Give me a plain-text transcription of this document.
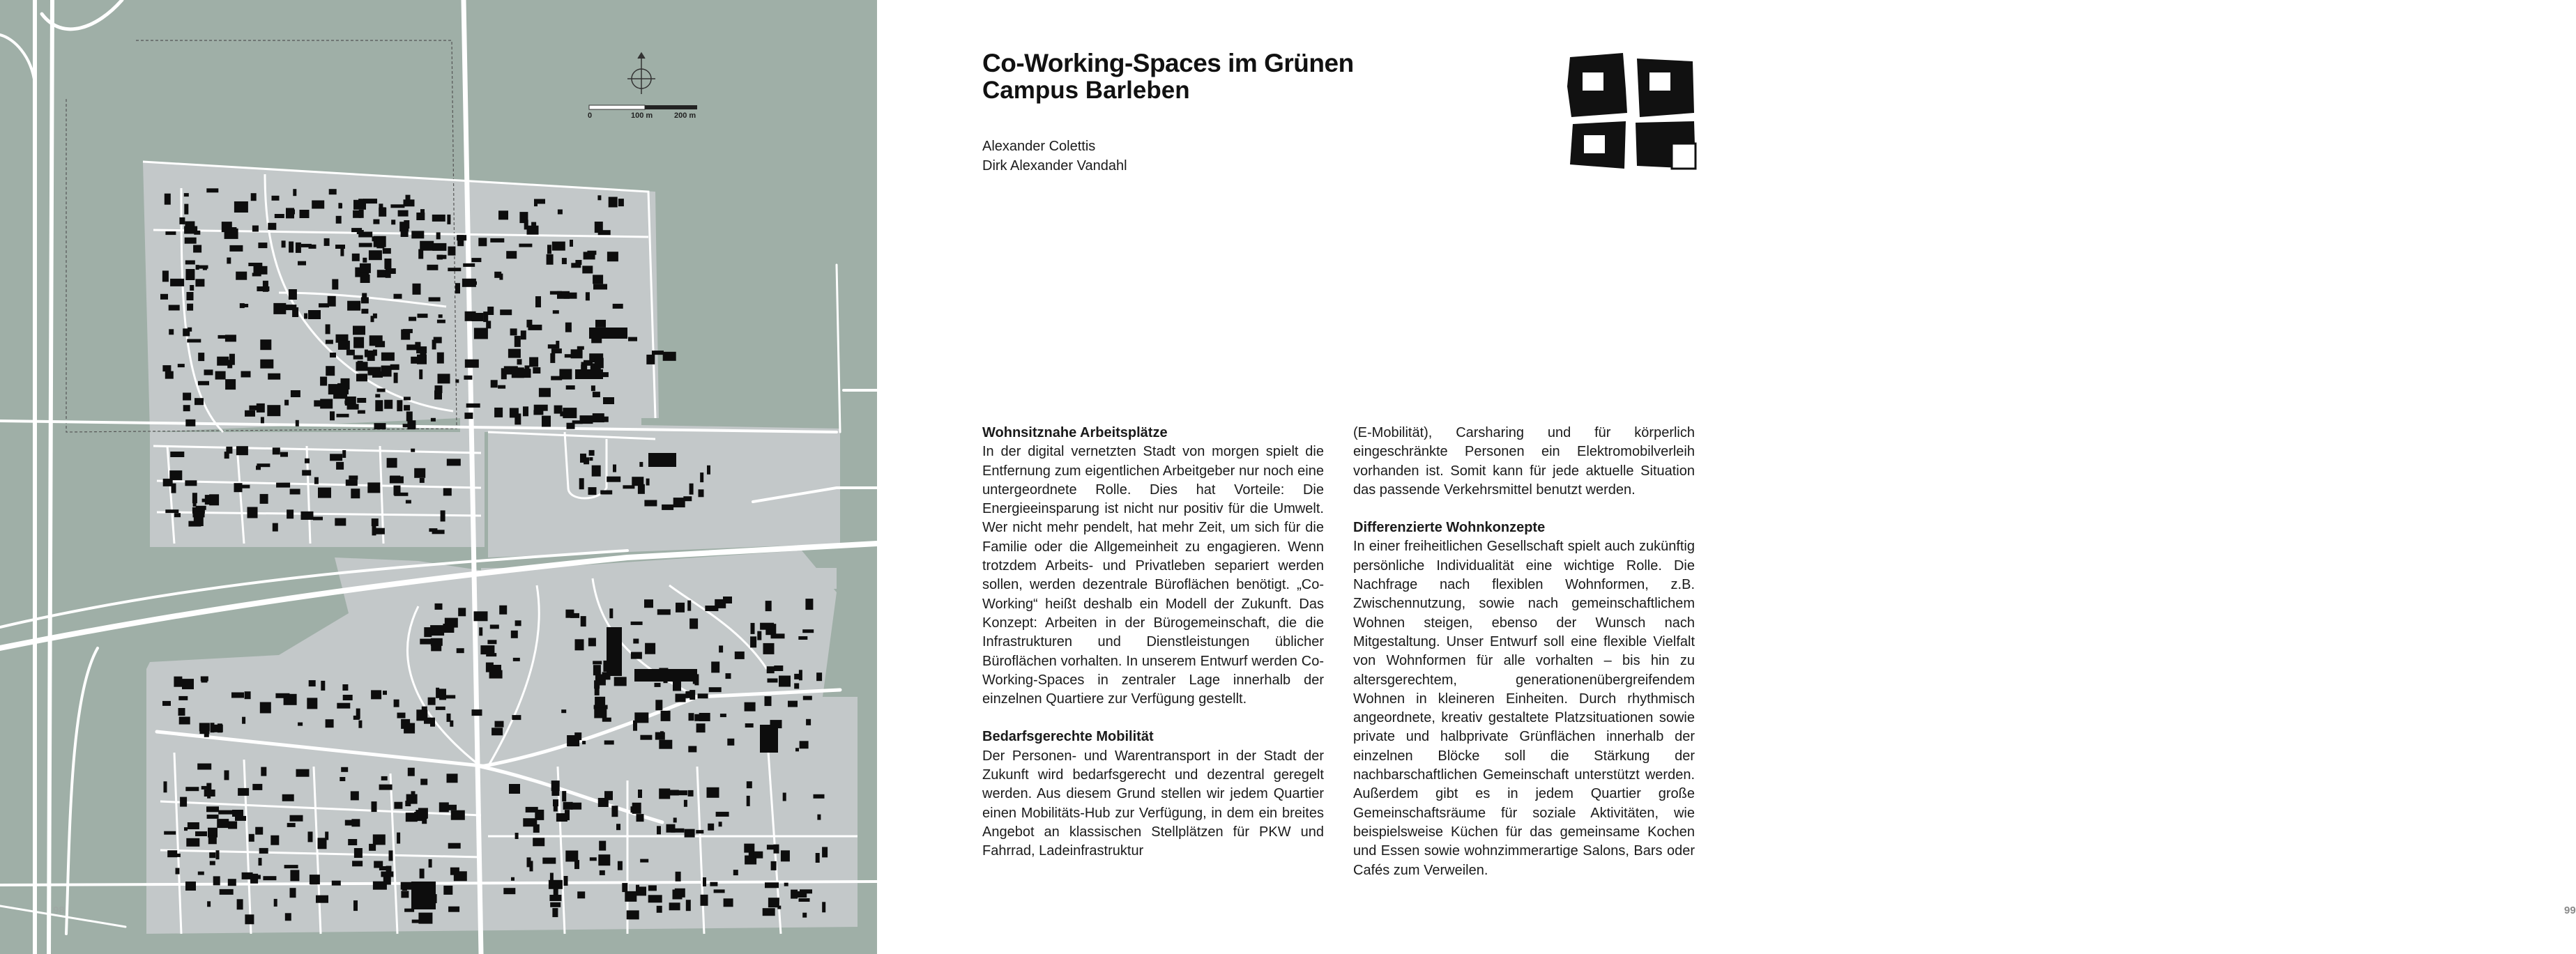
0	100 m	200 m
98
Co-Working-Spaces im Grünen
Campus Barleben
Alexander Colettis
Dirk Alexander Vandahl
Wohnsitznahe Arbeitsplätze

In der digital vernetzten Stadt von morgen spielt die Entfernung zum eigentlichen Arbeitgeber nur noch eine untergeordnete Rolle. Dies hat Vorteile: Die Energieeinsparung ist nicht nur positiv für die Umwelt. Wer nicht mehr pendelt, hat mehr Zeit, um sich für die Familie oder die Allgemeinheit zu engagieren. Wenn trotzdem Arbeits- und Privatleben separiert werden sollen, werden dezentrale Büroflächen benötigt. „Co-Working“ heißt deshalb ein Modell der Zukunft. Das Konzept: Arbeiten in der Bürogemeinschaft, die die Infrastrukturen und Dienstleistungen üblicher Büroflächen vorhalten. In unserem Entwurf werden Co-Working-Spaces in zentraler Lage innerhalb der einzelnen Quartiere zur Verfügung gestellt.

Bedarfsgerechte Mobilität

Der Personen- und Warentransport in der Stadt der Zukunft wird bedarfsgerecht und dezentral geregelt werden. Aus diesem Grund stellen wir jedem Quartier einen Mobilitäts-Hub zur Verfügung, in dem ein breites Angebot an klassischen Stellplätzen für PKW und Fahrrad, Ladeinfrastruktur

(E-Mobilität), Carsharing und für körperlich eingeschränkte Personen ein Elektromobilverleih vorhanden ist. Somit kann für jede aktuelle Situation das passende Verkehrsmittel benutzt werden.

Differenzierte Wohnkonzepte

In einer freiheitlichen Gesellschaft spielt auch zukünftig persönliche Individualität eine wichtige Rolle. Die Nachfrage nach flexiblen Wohnformen, z.B. Zwischennutzung, sowie nach gemeinschaftlichem Wohnen steigen, ebenso der Wunsch nach Mitgestaltung. Unser Entwurf soll eine flexible Vielfalt von Wohnformen für alle vorhalten – bis hin zu altersgerechtem, generationenübergreifendem Wohnen in kleineren Einheiten. Durch rhythmisch angeordnete, kreativ gestaltete Platzsituationen sowie private und halbprivate Grünflächen innerhalb der einzelnen Blöcke soll die Stärkung der nachbarschaftlichen Gemeinschaft unterstützt werden. Außerdem gibt es in jedem Quartier große Gemeinschaftsräume für soziale Aktivitäten, wie beispielsweise Küchen für das gemeinsame Kochen und Essen sowie wohnzimmerartige Salons, Bars oder Cafés zum Verweilen.

99
